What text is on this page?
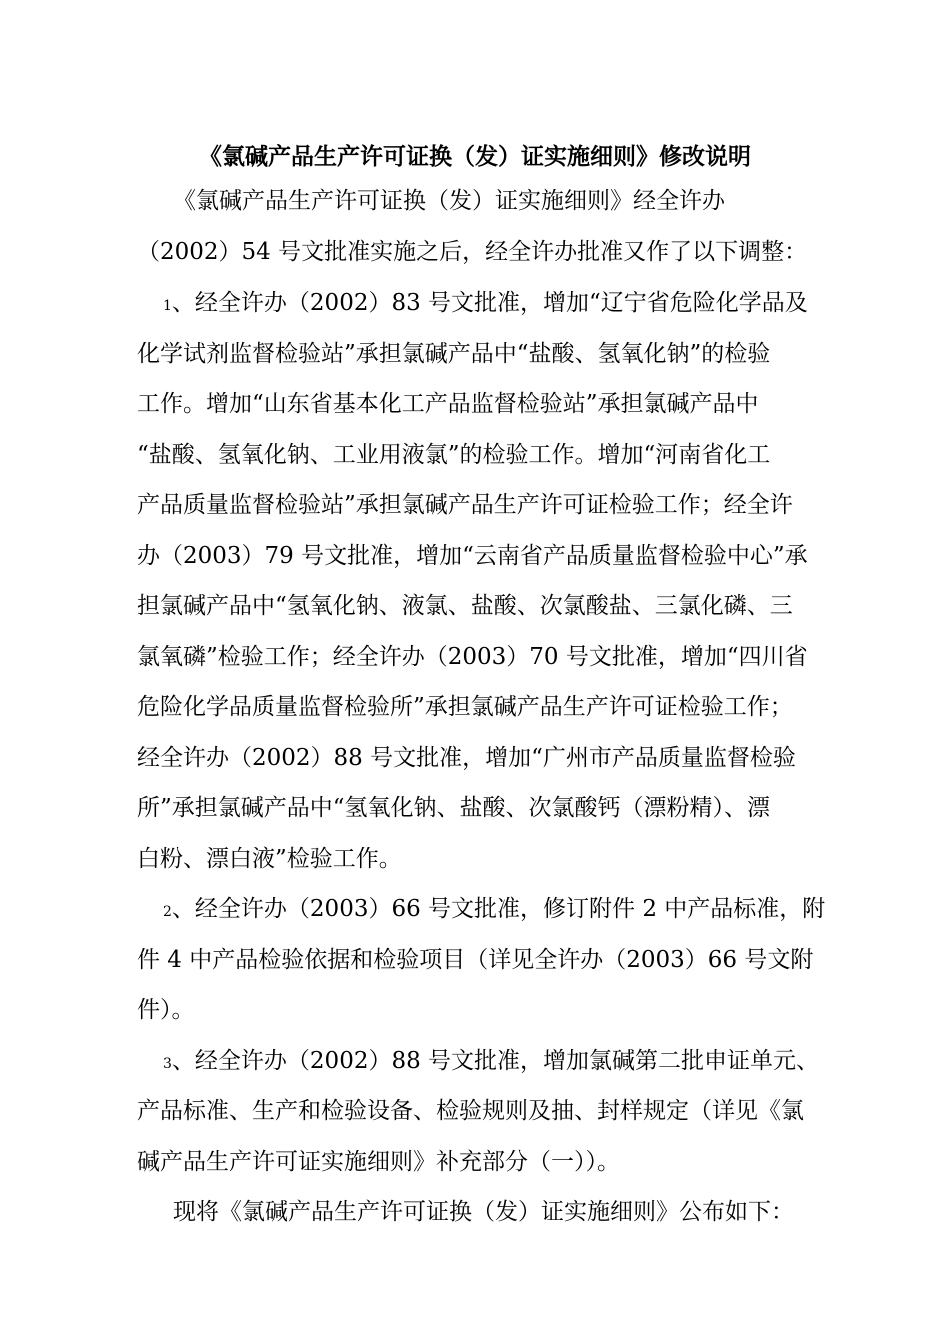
《氯碱产品生产许可证换（发）证实施细则》修改说明
《氯碱产品生产许可证换（发）证实施细则》经全许办
（2002）54 号文批准实施之后，经全许办批准又作了以下调整：
1、经全许办（2002）83 号文批准，增加“辽宁省危险化学品及
化学试剂监督检验站”承担氯碱产品中“盐酸、氢氧化钠”的检验
工作。增加“山东省基本化工产品监督检验站”承担氯碱产品中
“盐酸、氢氧化钠、工业用液氯”的检验工作。增加“河南省化工
产品质量监督检验站”承担氯碱产品生产许可证检验工作；经全许
办（2003）79 号文批准，增加“云南省产品质量监督检验中心”承
担氯碱产品中“氢氧化钠、液氯、盐酸、次氯酸盐、三氯化磷、三
氯氧磷”检验工作；经全许办（2003）70 号文批准，增加“四川省
危险化学品质量监督检验所”承担氯碱产品生产许可证检验工作；
经全许办（2002）88 号文批准，增加“广州市产品质量监督检验
所”承担氯碱产品中“氢氧化钠、盐酸、次氯酸钙（漂粉精）、漂
白粉、漂白液”检验工作。
2、经全许办（2003）66 号文批准，修订附件 2 中产品标准，附
件 4 中产品检验依据和检验项目（详见全许办（2003）66 号文附
件）。
3、经全许办（2002）88 号文批准，增加氯碱第二批申证单元、
产品标准、生产和检验设备、检验规则及抽、封样规定（详见《氯
碱产品生产许可证实施细则》补充部分（一））。
现将《氯碱产品生产许可证换（发）证实施细则》公布如下：
